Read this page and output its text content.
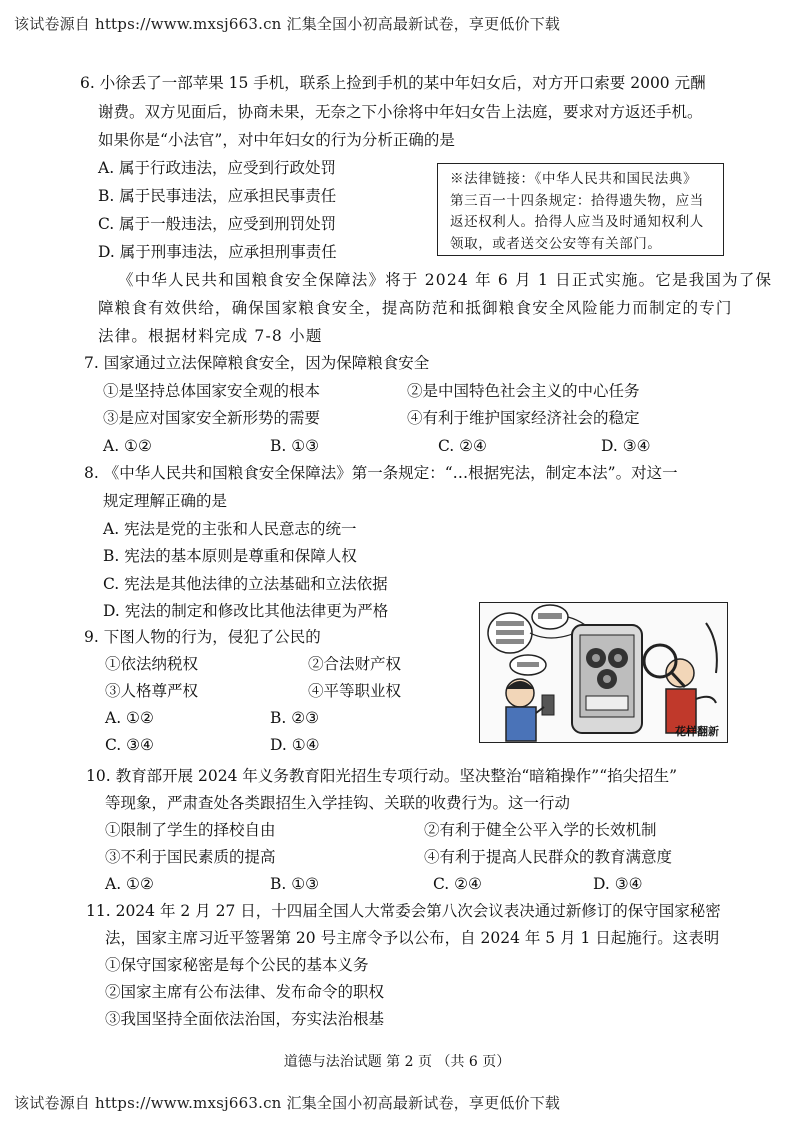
该试卷源自 https://www.mxsj663.cn 汇集全国小初高最新试卷，享更低价下载
6. 小徐丢了一部苹果 15 手机，联系上捡到手机的某中年妇女后，对方开口索要 2000 元酬
谢费。双方见面后，协商未果，无奈之下小徐将中年妇女告上法庭，要求对方返还手机。
如果你是“小法官”，对中年妇女的行为分析正确的是
A. 属于行政违法，应受到行政处罚
B. 属于民事违法，应承担民事责任
C. 属于一般违法，应受到刑罚处罚
D. 属于刑事违法，应承担刑事责任
※法律链接：《中华人民共和国民法典》
第三百一十四条规定：拾得遗失物，应当
返还权利人。拾得人应当及时通知权利人
领取，或者送交公安等有关部门。
《中华人民共和国粮食安全保障法》将于 2024 年 6 月 1 日正式实施。它是我国为了保
障粮食有效供给，确保国家粮食安全，提高防范和抵御粮食安全风险能力而制定的专门
法律。根据材料完成 7-8 小题
7. 国家通过立法保障粮食安全，因为保障粮食安全
①是坚持总体国家安全观的根本	②是中国特色社会主义的中心任务
③是应对国家安全新形势的需要	④有利于维护国家经济社会的稳定
A. ①②	B. ①③	C. ②④	D. ③④
8. 《中华人民共和国粮食安全保障法》第一条规定：“…根据宪法，制定本法”。对这一
规定理解正确的是
A. 宪法是党的主张和人民意志的统一
B. 宪法的基本原则是尊重和保障人权
C. 宪法是其他法律的立法基础和立法依据
D. 宪法的制定和修改比其他法律更为严格
9. 下图人物的行为，侵犯了公民的
①依法纳税权	②合法财产权
③人格尊严权	④平等职业权
A. ①②	B. ②③
C. ③④	D. ①④
花样翻新
10. 教育部开展 2024 年义务教育阳光招生专项行动。坚决整治“暗箱操作”“掐尖招生”
等现象，严肃查处各类跟招生入学挂钩、关联的收费行为。这一行动
①限制了学生的择校自由	②有利于健全公平入学的长效机制
③不利于国民素质的提高	④有利于提高人民群众的教育满意度
A. ①②	B. ①③	C. ②④	D. ③④
11. 2024 年 2 月 27 日，十四届全国人大常委会第八次会议表决通过新修订的保守国家秘密
法，国家主席习近平签署第 20 号主席令予以公布，自 2024 年 5 月 1 日起施行。这表明
①保守国家秘密是每个公民的基本义务
②国家主席有公布法律、发布命令的职权
③我国坚持全面依法治国，夯实法治根基
道德与法治试题 第 2 页 （共 6 页）
该试卷源自 https://www.mxsj663.cn 汇集全国小初高最新试卷，享更低价下载
